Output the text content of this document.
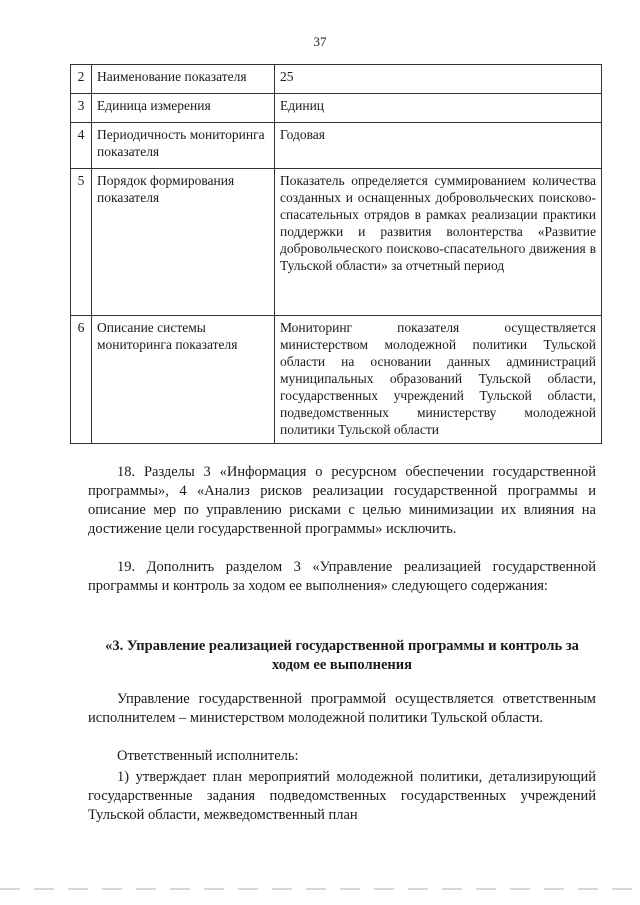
37
2	Наименование показателя	25
3	Единица измерения	Единиц
4	Периодичность мониторинга показателя	Годовая
5	Порядок формирования показателя	Показатель определяется суммированием количества созданных и оснащенных добровольческих поисково-спасательных отрядов в рамках реализации практики поддержки и развития волонтерства «Развитие добровольческого поисково-спасательного движения в Тульской области» за отчетный период
6	Описание системы мониторинга показателя	Мониторинг показателя осуществляется министерством молодежной политики Тульской области на основании данных администраций муниципальных образований Тульской области, государственных учреждений Тульской области, подведомственных министерству молодежной политики Тульской области
18. Разделы 3 «Информация о ресурсном обеспечении государственной программы», 4 «Анализ рисков реализации государственной программы и описание мер по управлению рисками с целью минимизации их влияния на достижение цели государственной программы» исключить.
19. Дополнить разделом 3 «Управление реализацией государственной программы и контроль за ходом ее выполнения» следующего содержания:
«3. Управление реализацией государственной программы и контроль за ходом ее выполнения
Управление государственной программой осуществляется ответственным исполнителем – министерством молодежной политики Тульской области.
Ответственный исполнитель:
1) утверждает план мероприятий молодежной политики, детализирующий государственные задания подведомственных государственных учреждений Тульской области, межведомственный план
